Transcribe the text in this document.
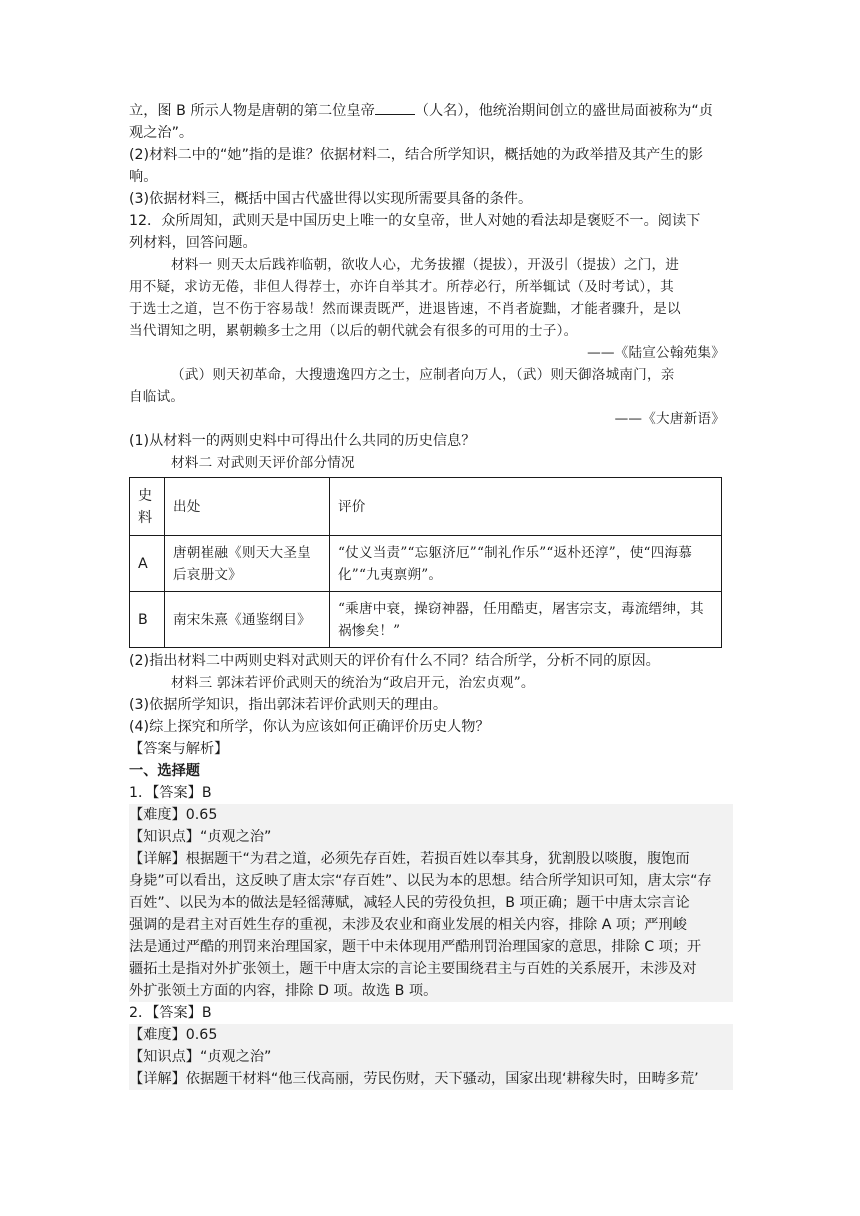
立，图 B 所示人物是唐朝的第二位皇帝	（人名），他统治期间创立的盛世局面被称为“贞

观之治”。

(2)材料二中的“她”指的是谁？依据材料二，结合所学知识，概括她的为政举措及其产生的影

响。

(3)依据材料三，概括中国古代盛世得以实现所需要具备的条件。

12．众所周知，武则天是中国历史上唯一的女皇帝，世人对她的看法却是褒贬不一。阅读下

列材料，回答问题。

材料一 则天太后践祚临朝，欲收人心，尤务拔擢（提拔），开汲引（提拔）之门，进

用不疑，求访无倦，非但人得荐士，亦许自举其才。所荐必行，所举辄试（及时考试），其

于选士之道，岂不伤于容易哉！然而课责既严，进退皆速，不肖者旋黜，才能者骤升，是以

当代谓知之明，累朝赖多士之用（以后的朝代就会有很多的可用的士子）。

——《陆宣公翰苑集》

（武）则天初革命，大搜遗逸四方之士，应制者向万人，（武）则天御洛城南门，亲

自临试。

——《大唐新语》

(1)从材料一的两则史料中可得出什么共同的历史信息？

材料二 对武则天评价部分情况

史料	出处	评价
A	唐朝崔融《则天大圣皇后哀册文》	“仗义当责”“忘躯济厄”“制礼作乐”“返朴还淳”，使“四海慕化”“九夷禀朔”。
B	南宋朱熹《通鉴纲目》	“乘唐中衰，操窃神器，任用酷吏，屠害宗支，毒流缙绅，其祸惨矣！”

(2)指出材料二中两则史料对武则天的评价有什么不同？结合所学，分析不同的原因。

材料三 郭沫若评价武则天的统治为“政启开元，治宏贞观”。

(3)依据所学知识，指出郭沫若评价武则天的理由。

(4)综上探究和所学，你认为应该如何正确评价历史人物？

【答案与解析】

一、选择题

1．【答案】B

【难度】0.65

【知识点】“贞观之治”

【详解】根据题干“为君之道，必须先存百姓，若损百姓以奉其身，犹割股以啖腹，腹饱而

身毙”可以看出，这反映了唐太宗“存百姓”、以民为本的思想。结合所学知识可知，唐太宗“存

百姓”、以民为本的做法是轻徭薄赋，减轻人民的劳役负担，B 项正确；题干中唐太宗言论

强调的是君主对百姓生存的重视，未涉及农业和商业发展的相关内容，排除 A 项；严刑峻

法是通过严酷的刑罚来治理国家，题干中未体现用严酷刑罚治理国家的意思，排除 C 项；开

疆拓土是指对外扩张领土，题干中唐太宗的言论主要围绕君主与百姓的关系展开，未涉及对

外扩张领土方面的内容，排除 D 项。故选 B 项。

2．【答案】B

【难度】0.65

【知识点】“贞观之治”

【详解】依据题干材料“他三伐高丽，劳民伤财，天下骚动，国家出现‘耕稼失时，田畴多荒’
